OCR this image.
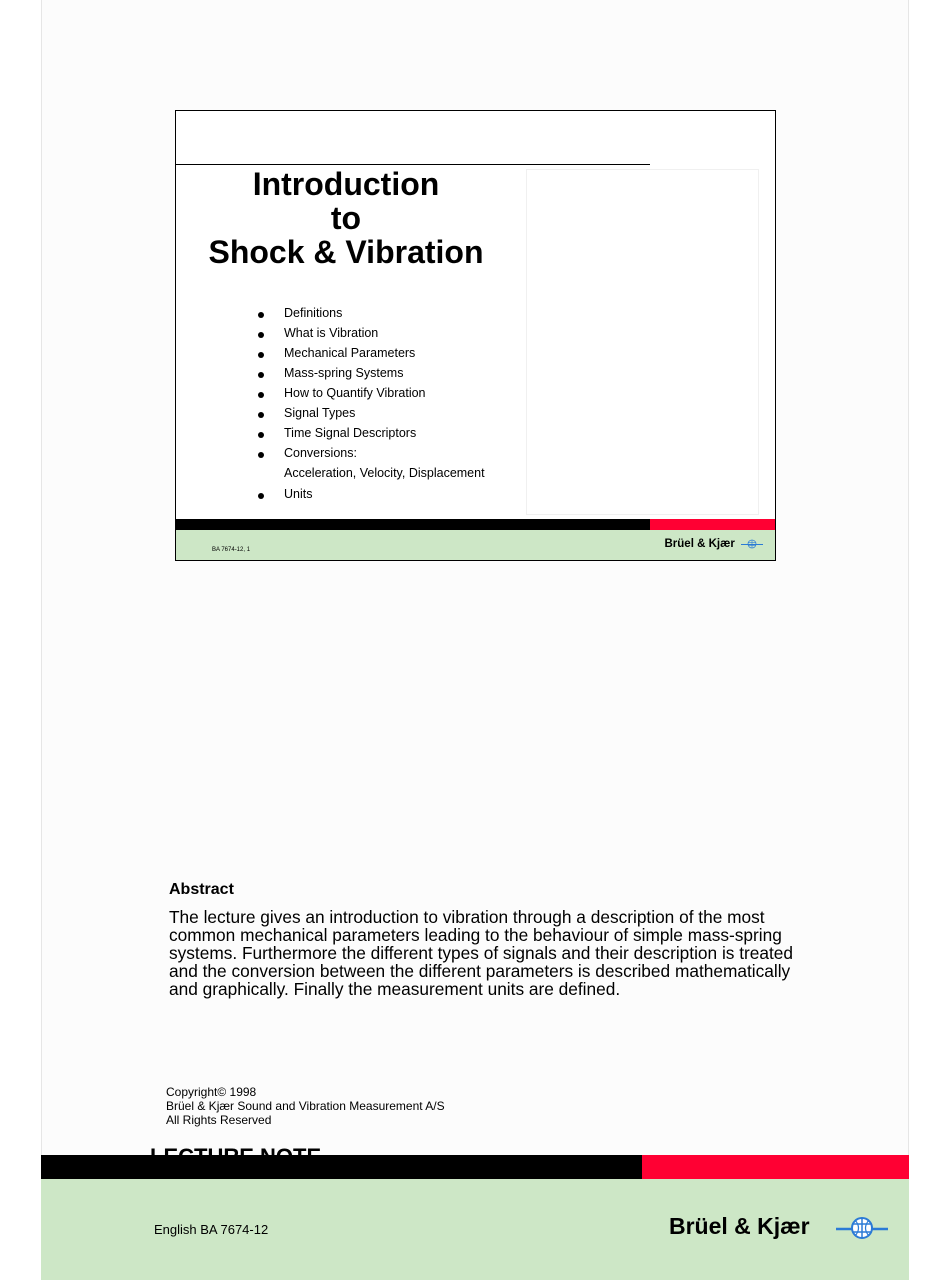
Introduction
to
Shock & Vibration
Definitions
What is Vibration
Mechanical Parameters
Mass-spring Systems
How to Quantify Vibration
Signal Types
Time Signal Descriptors
Conversions:
Acceleration, Velocity, Displacement
Units
BA 7674-12, 1	Brüel & Kjær
Abstract
The lecture gives an introduction to vibration through a description of the most common mechanical parameters leading to the behaviour of simple mass-spring systems. Furthermore the different types of signals and their description is treated and the conversion between the different parameters is described mathematically and graphically. Finally the measurement units are defined.
Copyright© 1998
Brüel & Kjær Sound and Vibration Measurement A/S
All Rights Reserved
English BA 7674-12	Brüel & Kjær
